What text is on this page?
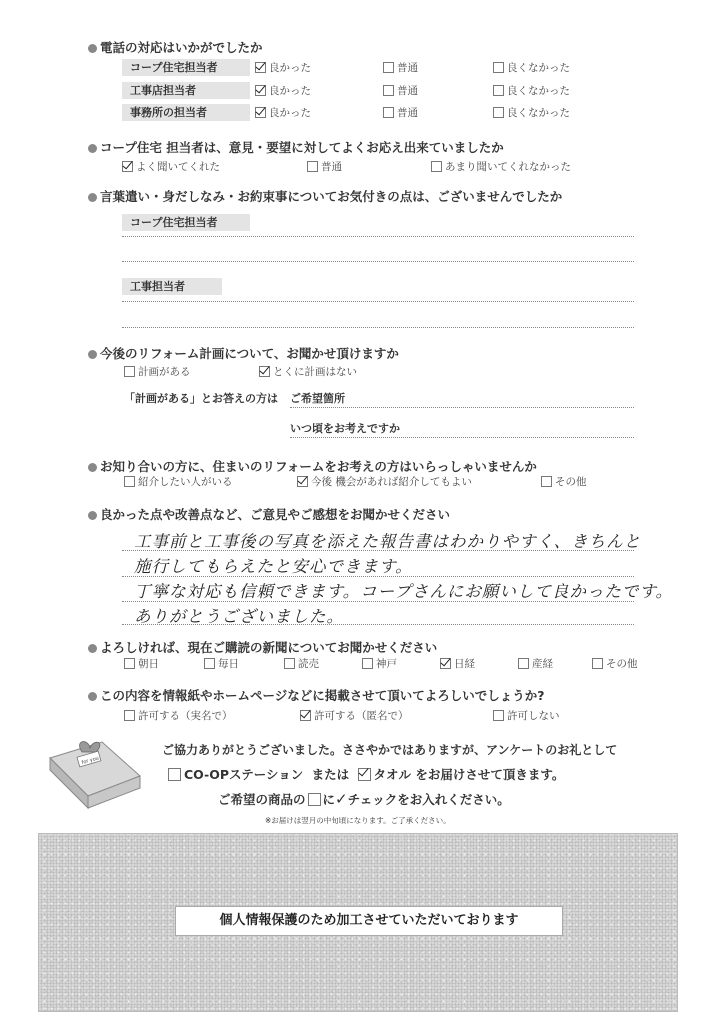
電話の対応はいかがでしたか
コープ住宅担当者	良かった	普通	良くなかった
工事店担当者	良かった	普通	良くなかった
事務所の担当者	良かった	普通	良くなかった
コープ住宅 担当者は、意見・要望に対してよくお応え出来ていましたか
よく聞いてくれた	普通	あまり聞いてくれなかった
言葉遣い・身だしなみ・お約束事についてお気付きの点は、ございませんでしたか
コープ住宅担当者
工事担当者
今後のリフォーム計画について、お聞かせ頂けますか
計画がある	とくに計画はない
「計画がある」とお答えの方は ご希望箇所
いつ頃をお考えですか
お知り合いの方に、住まいのリフォームをお考えの方はいらっしゃいませんか
紹介したい人がいる	今後 機会があれば紹介してもよい	その他
良かった点や改善点など、ご意見やご感想をお聞かせください
工事前と工事後の写真を添えた報告書はわかりやすく、きちんと
施行してもらえたと安心できます。
丁寧な対応も信頼できます。コープさんにお願いして良かったです。
ありがとうございました。
よろしければ、現在ご購読の新聞についてお聞かせください
朝日	毎日	読売	神戸	日経	産経	その他
この内容を情報紙やホームページなどに掲載させて頂いてよろしいでしょうか?
許可する（実名で）	許可する（匿名で）	許可しない
for you
ご協力ありがとうございました。ささやかではありますが、アンケートのお礼として
CO-OPステーション または タオル をお届けさせて頂きます。
ご希望の商品の に✓チェックをお入れください。
※お届けは翌月の中旬頃になります。ご了承ください。
個人情報保護のため加工させていただいております
